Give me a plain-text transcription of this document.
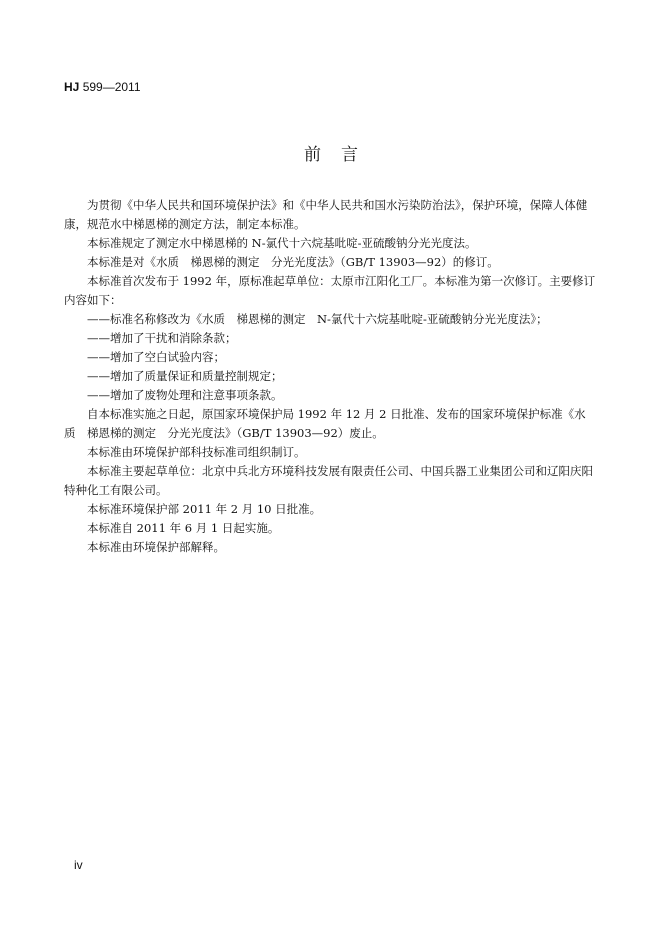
HJ 599—2011
前言

为贯彻《中华人民共和国环境保护法》和《中华人民共和国水污染防治法》，保护环境，保障人体健康，规范水中梯恩梯的测定方法，制定本标准。

本标准规定了测定水中梯恩梯的 N-氯代十六烷基吡啶-亚硫酸钠分光光度法。

本标准是对《水质　梯恩梯的测定　分光光度法》（GB/T 13903—92）的修订。

本标准首次发布于 1992 年，原标准起草单位：太原市江阳化工厂。本标准为第一次修订。主要修订内容如下：

——标准名称修改为《水质　梯恩梯的测定　N-氯代十六烷基吡啶-亚硫酸钠分光光度法》；

——增加了干扰和消除条款；

——增加了空白试验内容；

——增加了质量保证和质量控制规定；

——增加了废物处理和注意事项条款。

自本标准实施之日起，原国家环境保护局 1992 年 12 月 2 日批准、发布的国家环境保护标准《水质　梯恩梯的测定　分光光度法》（GB/T 13903—92）废止。

本标准由环境保护部科技标准司组织制订。

本标准主要起草单位：北京中兵北方环境科技发展有限责任公司、中国兵器工业集团公司和辽阳庆阳特种化工有限公司。

本标准环境保护部 2011 年 2 月 10 日批准。

本标准自 2011 年 6 月 1 日起实施。

本标准由环境保护部解释。

iv
